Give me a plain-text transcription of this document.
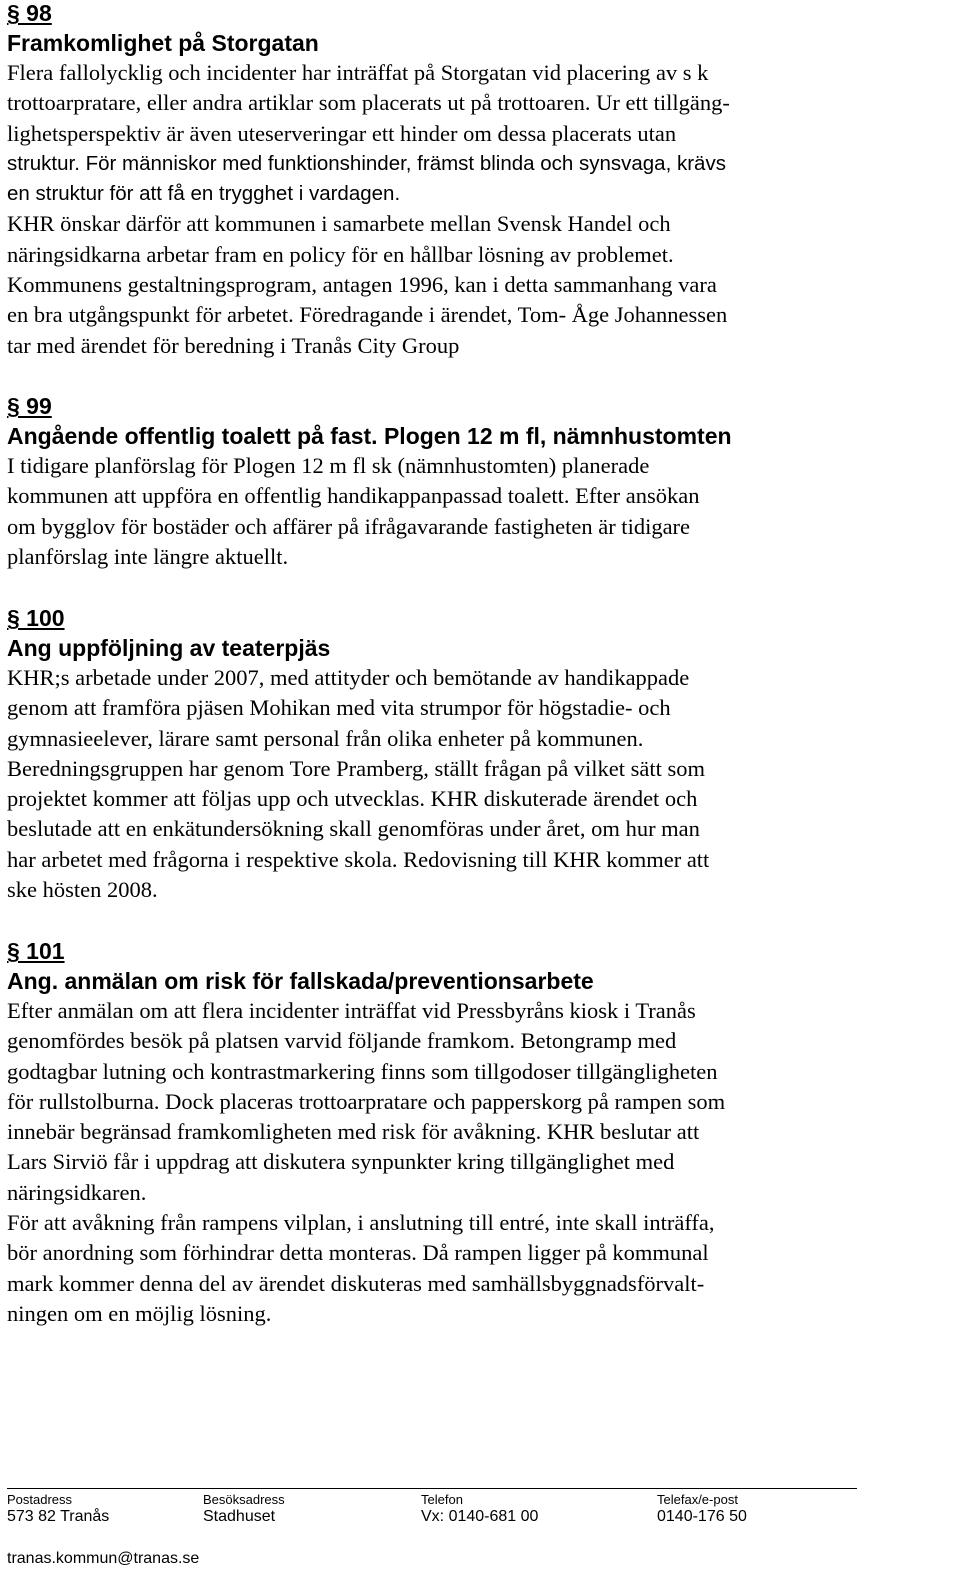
§ 98
Framkomlighet på Storgatan

Flera fallolycklig och incidenter har inträffat på Storgatan vid placering av s k
trottoarpratare, eller andra artiklar som placerats ut på trottoaren. Ur ett tillgäng-
lighetsperspektiv är även uteserveringar ett hinder om dessa placerats utan
struktur. För människor med funktionshinder, främst blinda och synsvaga, krävs
en struktur för att få en trygghet i vardagen.
KHR önskar därför att kommunen i samarbete mellan Svensk Handel och
näringsidkarna arbetar fram en policy för en hållbar lösning av problemet.
Kommunens gestaltningsprogram, antagen 1996, kan i detta sammanhang vara
en bra utgångspunkt för arbetet. Föredragande i ärendet, Tom- Åge Johannessen
tar med ärendet för beredning i Tranås City Group

§ 99
Angående offentlig toalett på fast. Plogen 12 m fl, nämnhustomten

I tidigare planförslag för Plogen 12 m fl sk (nämnhustomten) planerade
kommunen att uppföra en offentlig handikappanpassad toalett. Efter ansökan
om bygglov för bostäder och affärer på ifrågavarande fastigheten är tidigare
planförslag inte längre aktuellt.

§ 100
Ang uppföljning av teaterpjäs

KHR;s arbetade under 2007, med attityder och bemötande av handikappade
genom att framföra pjäsen Mohikan med vita strumpor för högstadie- och
gymnasieelever, lärare samt personal från olika enheter på kommunen.
Beredningsgruppen har genom Tore Pramberg, ställt frågan på vilket sätt som
projektet kommer att följas upp och utvecklas. KHR diskuterade ärendet och
beslutade att en enkätundersökning skall genomföras under året, om hur man
har arbetet med frågorna i respektive skola. Redovisning till KHR kommer att
ske hösten 2008.

§ 101
Ang. anmälan om risk för fallskada/preventionsarbete

Efter anmälan om att flera incidenter inträffat vid Pressbyråns kiosk i Tranås
genomfördes besök på platsen varvid följande framkom. Betongramp med
godtagbar lutning och kontrastmarkering finns som tillgodoser tillgängligheten
för rullstolburna. Dock placeras trottoarpratare och papperskorg på rampen som
innebär begränsad framkomligheten med risk för avåkning. KHR beslutar att
Lars Sirviö får i uppdrag att diskutera synpunkter kring tillgänglighet med
näringsidkaren.
För att avåkning från rampens vilplan, i anslutning till entré, inte skall inträffa,
bör anordning som förhindrar detta monteras. Då rampen ligger på kommunal
mark kommer denna del av ärendet diskuteras med samhällsbyggnadsförvalt-
ningen om en möjlig lösning.

Postadress
573 82 Tranås
Besöksadress
Stadhuset
Telefon
Vx: 0140-681 00
Telefax/e-post
0140-176 50
tranas.kommun@tranas.se
